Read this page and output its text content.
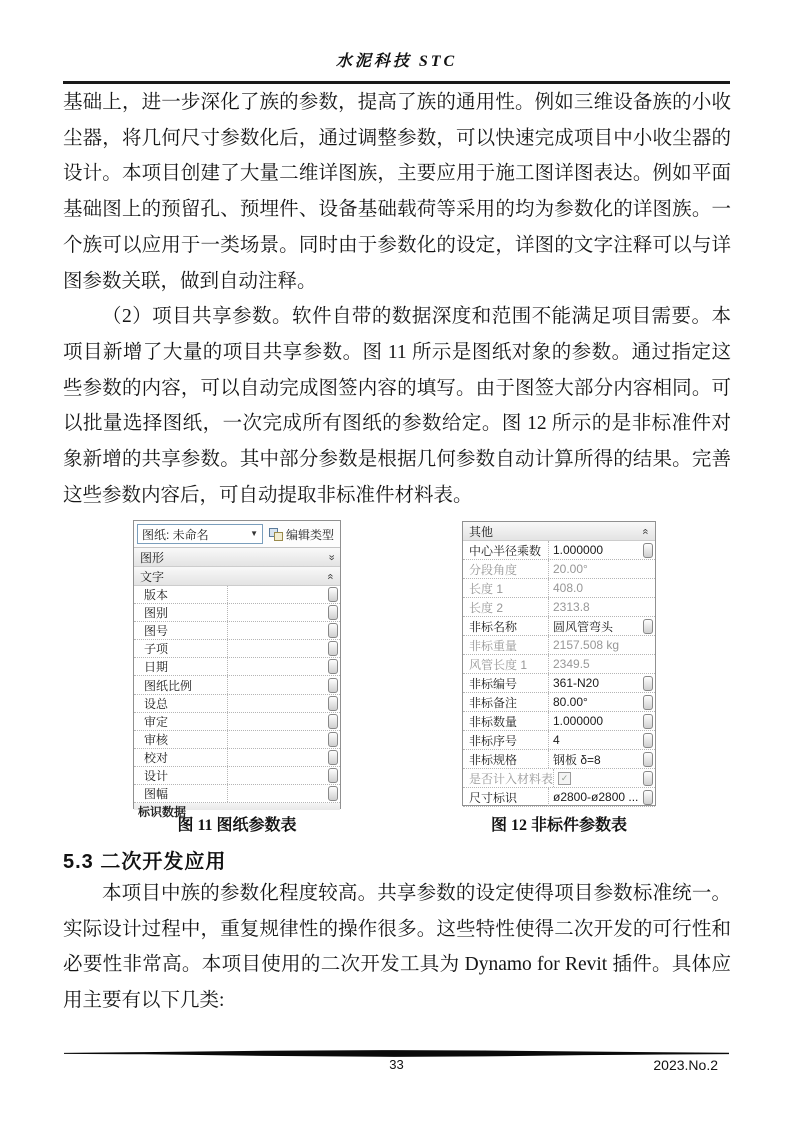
水泥科技 STC

基础上，进一步深化了族的参数，提高了族的通用性。例如三维设备族的小收尘器，将几何尺寸参数化后，通过调整参数，可以快速完成项目中小收尘器的设计。本项目创建了大量二维详图族，主要应用于施工图详图表达。例如平面基础图上的预留孔、预埋件、设备基础载荷等采用的均为参数化的详图族。一个族可以应用于一类场景。同时由于参数化的设定，详图的文字注释可以与详图参数关联，做到自动注释。

（2）项目共享参数。软件自带的数据深度和范围不能满足项目需要。本项目新增了大量的项目共享参数。图 11 所示是图纸对象的参数。通过指定这些参数的内容，可以自动完成图签内容的填写。由于图签大部分内容相同。可以批量选择图纸，一次完成所有图纸的参数给定。图 12 所示的是非标准件对象新增的共享参数。其中部分参数是根据几何参数自动计算所得的结果。完善这些参数内容后，可自动提取非标准件材料表。

图纸: 未命名	▼ 编辑类型
图形	»
文字	»
版本
图别
图号
子项
日期
图纸比例
设总
审定
审核
校对
设计
图幅
标识数据
其他	»
中心半径乘数 1.000000
分段角度	20.00°
长度 1	408.0
长度 2	2313.8
非标名称	圆风管弯头
非标重量	2157.508 kg
风管长度 1	2349.5
非标编号	361-N20
非标备注	80.00°
非标数量	1.000000
非标序号	4
非标规格	钢板 δ=8
是否计入材料表 ✓
尺寸标识	ø2800-ø2800 ...
图 11 图纸参数表	图 12 非标件参数表
5.3 二次开发应用

本项目中族的参数化程度较高。共享参数的设定使得项目参数标准统一。实际设计过程中，重复规律性的操作很多。这些特性使得二次开发的可行性和必要性非常高。本项目使用的二次开发工具为 Dynamo for Revit 插件。具体应用主要有以下几类:

33	2023.No.2
